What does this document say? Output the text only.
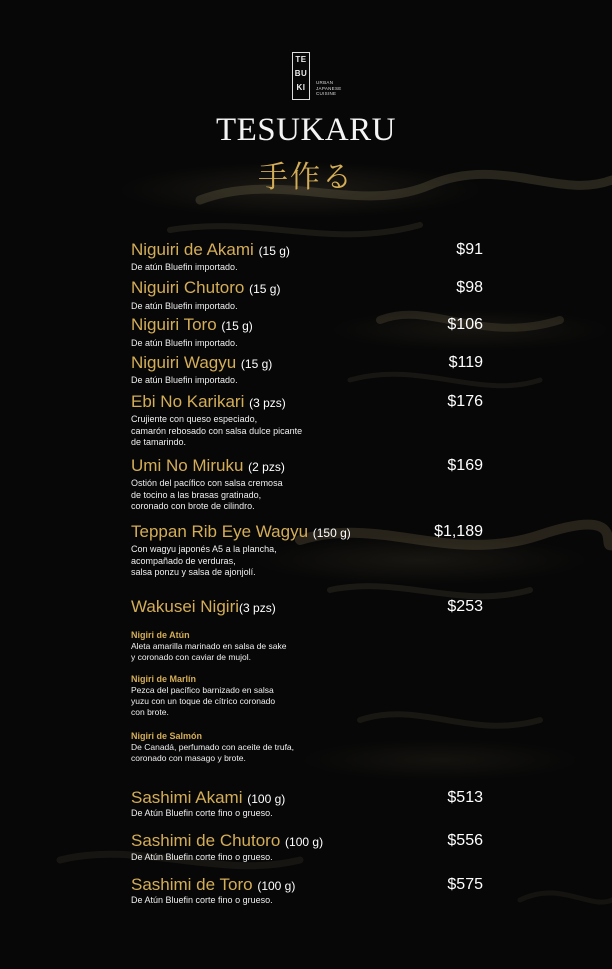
TE
BU
KI
URBAN
JAPANESE
CUISINE
TESUKARU
手作る
Niguiri de Akami (15 g)	$91
De atún Bluefin importado.
Niguiri Chutoro (15 g)	$98
De atún Bluefin importado.
Niguiri Toro (15 g)	$106
De atún Bluefin importado.
Niguiri Wagyu (15 g)	$119
De atún Bluefin importado.
Ebi No Karikari (3 pzs)	$176
Crujiente con queso especiado,
camarón rebosado con salsa dulce picante
de tamarindo.
Umi No Miruku (2 pzs)	$169
Ostión del pacífico con salsa cremosa
de tocino a las brasas gratinado,
coronado con brote de cilindro.
Teppan Rib Eye Wagyu (150 g)	$1,189
Con wagyu japonés A5 a la plancha,
acompañado de verduras,
salsa ponzu y salsa de ajonjolí.
Wakusei Nigiri(3 pzs)	$253
Nigiri de Atún
Aleta amarilla marinado en salsa de sake
y coronado con caviar de mujol.
Nigiri de Marlín
Pezca del pacífico barnizado en salsa
yuzu con un toque de cítrico coronado
con brote.
Nigiri de Salmón
De Canadá, perfumado con aceite de trufa,
coronado con masago y brote.
Sashimi Akami (100 g)	$513
De Atún Bluefin corte fino o grueso.
Sashimi de Chutoro (100 g)	$556
De Atún Bluefin corte fino o grueso.
Sashimi de Toro (100 g)	$575
De Atún Bluefin corte fino o grueso.
